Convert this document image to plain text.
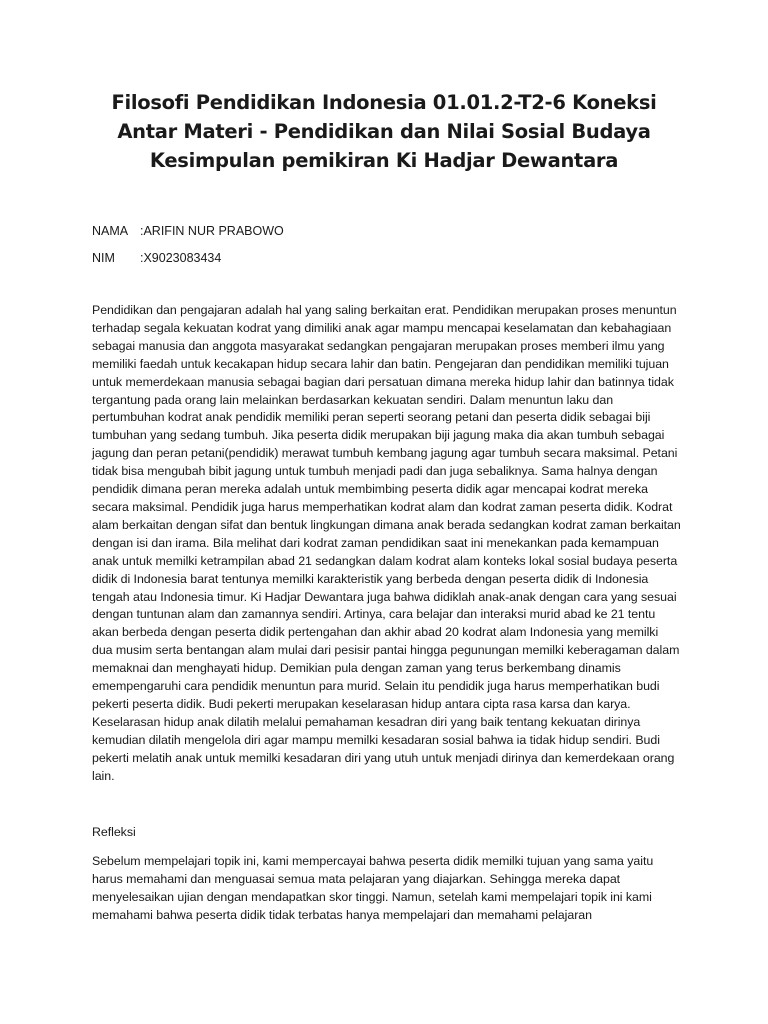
Filosofi Pendidikan Indonesia 01.01.2-T2-6 Koneksi Antar Materi - Pendidikan dan Nilai Sosial Budaya Kesimpulan pemikiran Ki Hadjar Dewantara
NAMA :ARIFIN NUR PRABOWO
NIM :X9023083434

Pendidikan dan pengajaran adalah hal yang saling berkaitan erat. Pendidikan merupakan proses menuntun terhadap segala kekuatan kodrat yang dimiliki anak agar mampu mencapai keselamatan dan kebahagiaan sebagai manusia dan anggota masyarakat sedangkan pengajaran merupakan proses memberi ilmu yang memiliki faedah untuk kecakapan hidup secara lahir dan batin. Pengejaran dan pendidikan memiliki tujuan untuk memerdekaan manusia sebagai bagian dari persatuan dimana mereka hidup lahir dan batinnya tidak tergantung pada orang lain melainkan berdasarkan kekuatan sendiri. Dalam menuntun laku dan pertumbuhan kodrat anak pendidik memiliki peran seperti seorang petani dan peserta didik sebagai biji tumbuhan yang sedang tumbuh. Jika peserta didik merupakan biji jagung maka dia akan tumbuh sebagai jagung dan peran petani(pendidik) merawat tumbuh kembang jagung agar tumbuh secara maksimal. Petani tidak bisa mengubah bibit jagung untuk tumbuh menjadi padi dan juga sebaliknya. Sama halnya dengan pendidik dimana peran mereka adalah untuk membimbing peserta didik agar mencapai kodrat mereka secara maksimal. Pendidik juga harus memperhatikan kodrat alam dan kodrat zaman peserta didik. Kodrat alam berkaitan dengan sifat dan bentuk lingkungan dimana anak berada sedangkan kodrat zaman berkaitan dengan isi dan irama. Bila melihat dari kodrat zaman pendidikan saat ini menekankan pada kemampuan anak untuk memilki ketrampilan abad 21 sedangkan dalam kodrat alam konteks lokal sosial budaya peserta didik di Indonesia barat tentunya memilki karakteristik yang berbeda dengan peserta didik di Indonesia tengah atau Indonesia timur. Ki Hadjar Dewantara juga bahwa didiklah anak-anak dengan cara yang sesuai dengan tuntunan alam dan zamannya sendiri. Artinya, cara belajar dan interaksi murid abad ke 21 tentu akan berbeda dengan peserta didik pertengahan dan akhir abad 20 kodrat alam Indonesia yang memilki dua musim serta bentangan alam mulai dari pesisir pantai hingga pegunungan memilki keberagaman dalam memaknai dan menghayati hidup. Demikian pula dengan zaman yang terus berkembang dinamis emempengaruhi cara pendidik menuntun para murid. Selain itu pendidik juga harus memperhatikan budi pekerti peserta didik. Budi pekerti merupakan keselarasan hidup antara cipta rasa karsa dan karya. Keselarasan hidup anak dilatih melalui pemahaman kesadran diri yang baik tentang kekuatan dirinya kemudian dilatih mengelola diri agar mampu memilki kesadaran sosial bahwa ia tidak hidup sendiri. Budi pekerti melatih anak untuk memilki kesadaran diri yang utuh untuk menjadi dirinya dan kemerdekaan orang lain.

Refleksi

Sebelum mempelajari topik ini, kami mempercayai bahwa peserta didik memilki tujuan yang sama yaitu harus memahami dan menguasai semua mata pelajaran yang diajarkan. Sehingga mereka dapat menyelesaikan ujian dengan mendapatkan skor tinggi. Namun, setelah kami mempelajari topik ini kami memahami bahwa peserta didik tidak terbatas hanya mempelajari dan memahami pelajaran
